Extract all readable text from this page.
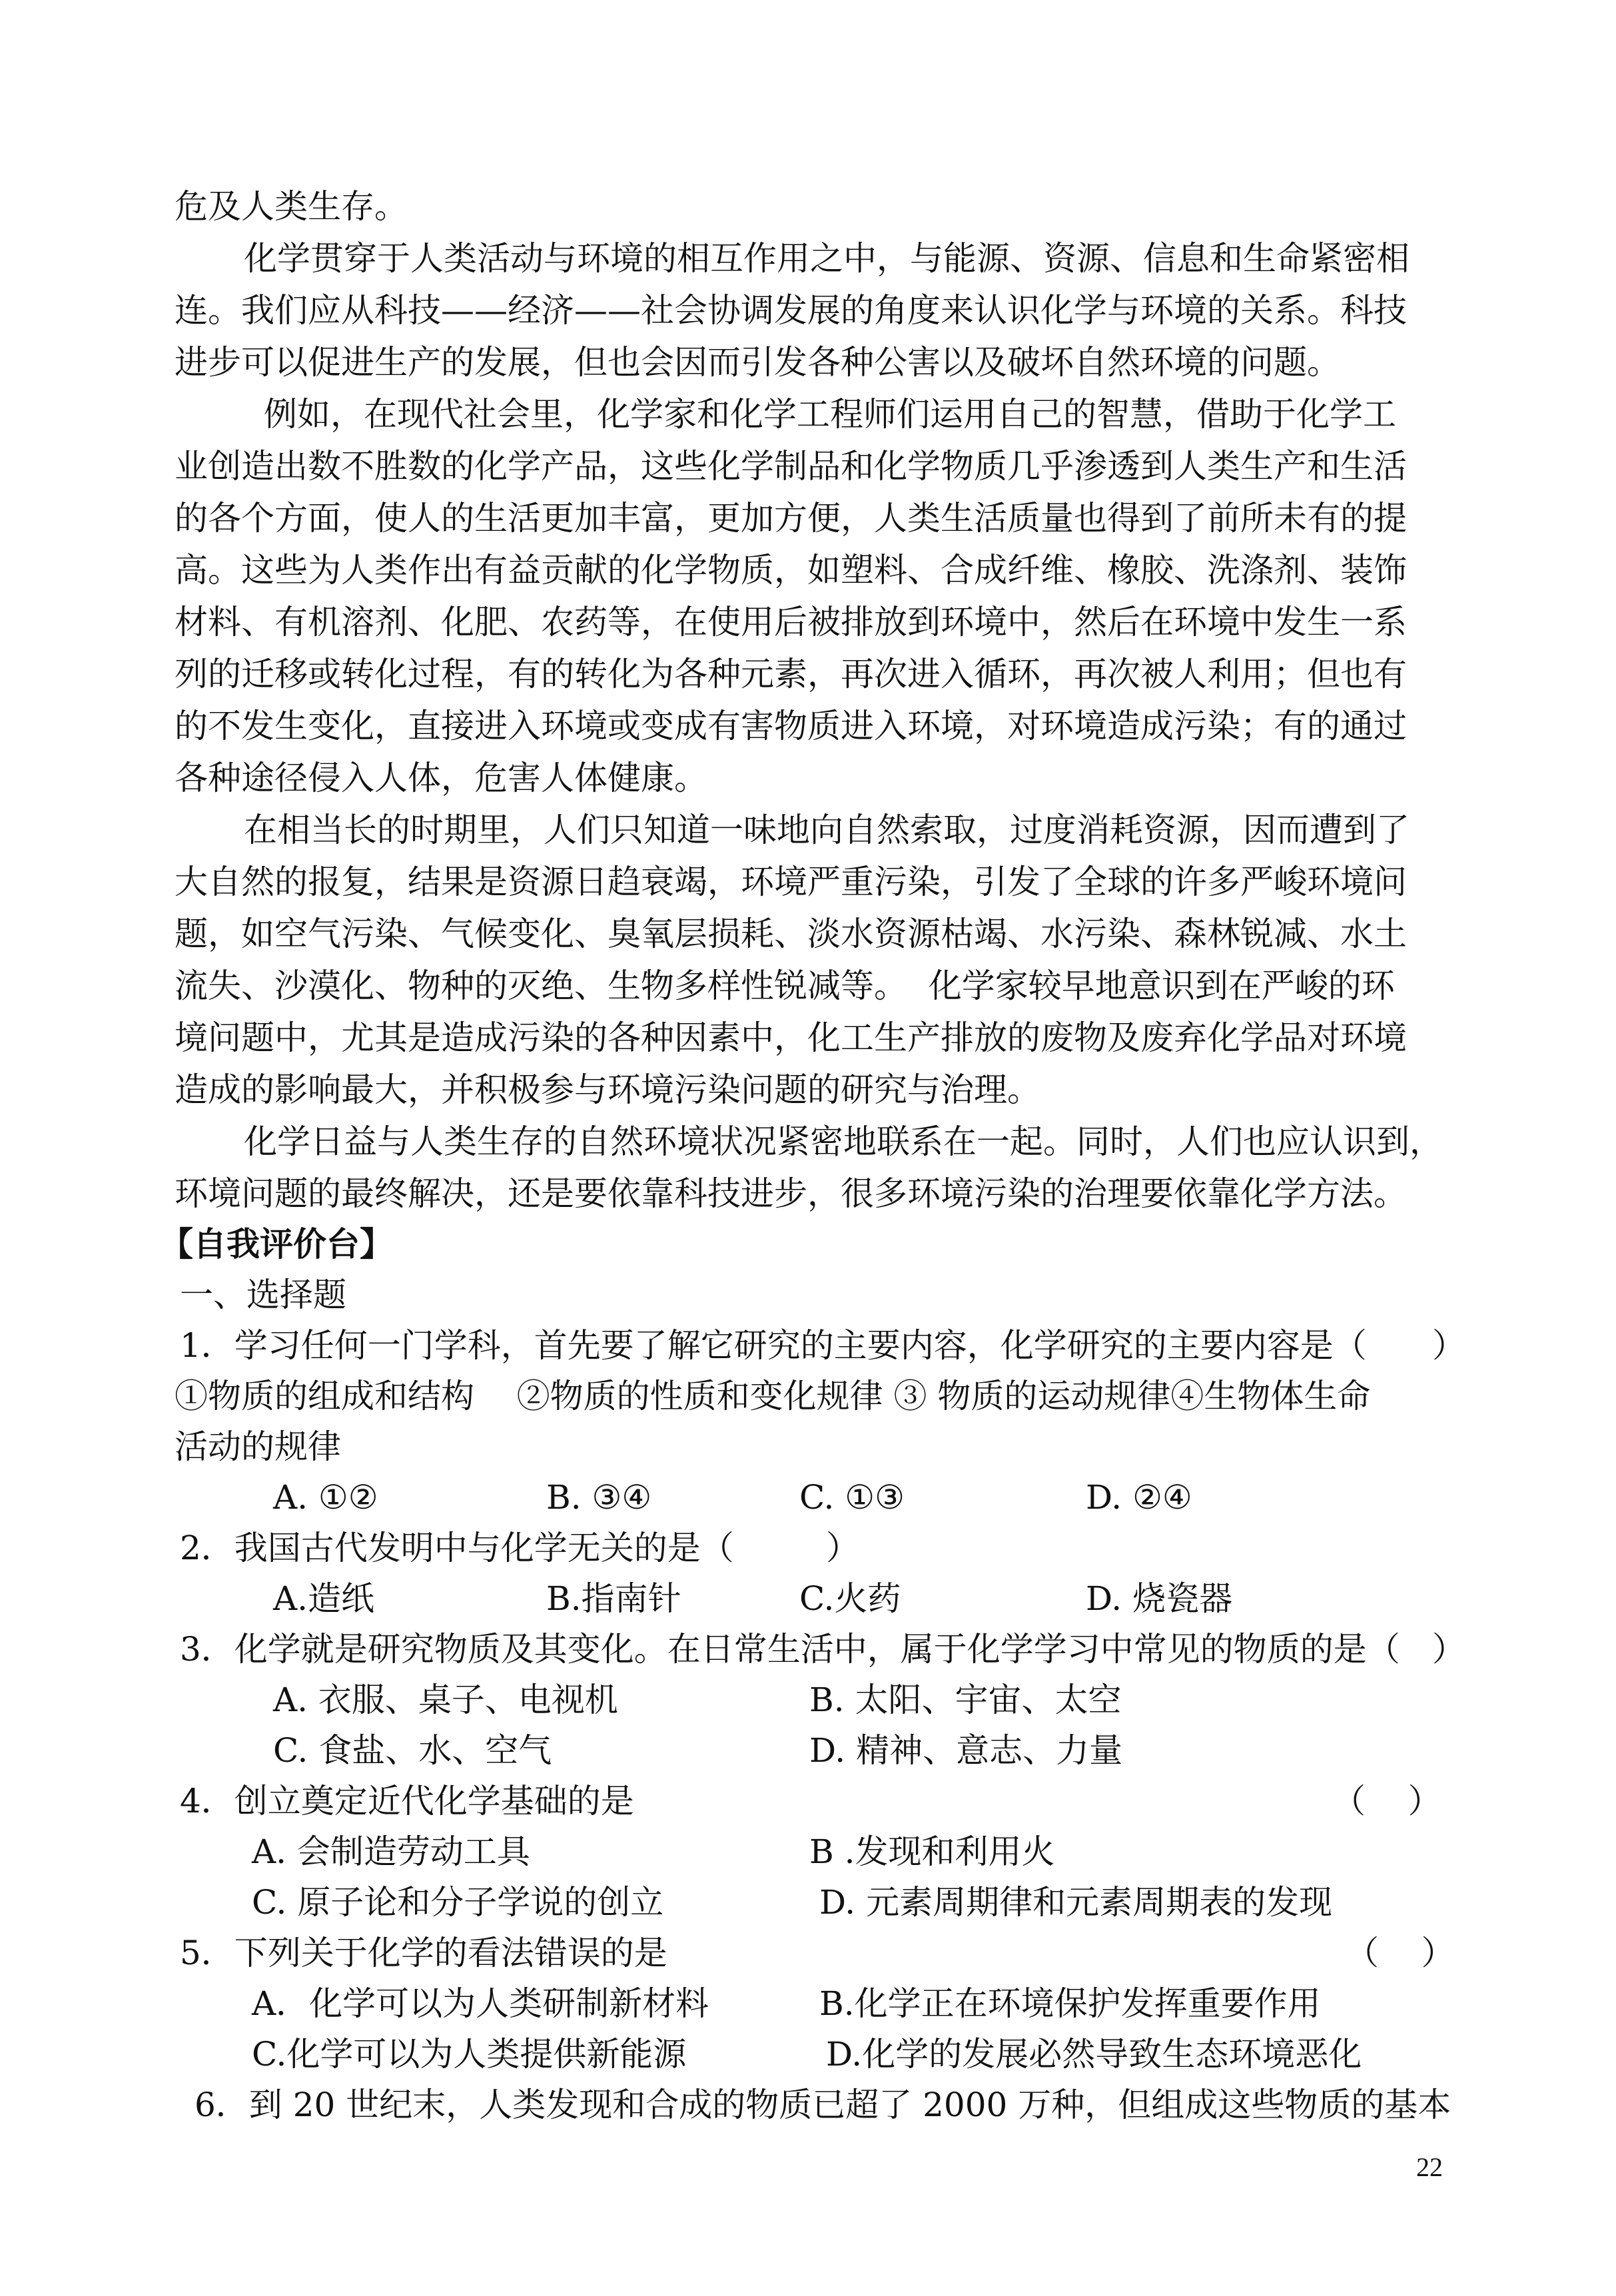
危及人类生存。
化学贯穿于人类活动与环境的相互作用之中，与能源、资源、信息和生命紧密相
连。我们应从科技——经济——社会协调发展的角度来认识化学与环境的关系。科技
进步可以促进生产的发展，但也会因而引发各种公害以及破坏自然环境的问题。
例如，在现代社会里，化学家和化学工程师们运用自己的智慧，借助于化学工
业创造出数不胜数的化学产品，这些化学制品和化学物质几乎渗透到人类生产和生活
的各个方面，使人的生活更加丰富，更加方便，人类生活质量也得到了前所未有的提
高。这些为人类作出有益贡献的化学物质，如塑料、合成纤维、橡胶、洗涤剂、装饰
材料、有机溶剂、化肥、农药等，在使用后被排放到环境中，然后在环境中发生一系
列的迁移或转化过程，有的转化为各种元素，再次进入循环，再次被人利用；但也有
的不发生变化，直接进入环境或变成有害物质进入环境，对环境造成污染；有的通过
各种途径侵入人体，危害人体健康。
在相当长的时期里，人们只知道一味地向自然索取，过度消耗资源，因而遭到了
大自然的报复，结果是资源日趋衰竭，环境严重污染，引发了全球的许多严峻环境问
题，如空气污染、气候变化、臭氧层损耗、淡水资源枯竭、水污染、森林锐减、水土
流失、沙漠化、物种的灭绝、生物多样性锐减等。  化学家较早地意识到在严峻的环
境问题中，尤其是造成污染的各种因素中，化工生产排放的废物及废弃化学品对环境
造成的影响最大，并积极参与环境污染问题的研究与治理。
化学日益与人类生存的自然环境状况紧密地联系在一起。同时，人们也应认识到，
环境问题的最终解决，还是要依靠科技进步，很多环境污染的治理要依靠化学方法。
【自我评价台】
一、选择题
1．学习任何一门学科，首先要了解它研究的主要内容，化学研究的主要内容是（ ）
①物质的组成和结构    ②物质的性质和变化规律 ③ 物质的运动规律④生物体生命
活动的规律
A. ①②	B. ③④	C. ①③	D. ②④
2．我国古代发明中与化学无关的是（	）
A.造纸	B.指南针	C.火药	D. 烧瓷器
3．化学就是研究物质及其变化。在日常生活中，属于化学学习中常见的物质的是（ ）
A. 衣服、桌子、电视机	B. 太阳、宇宙、太空
C. 食盐、水、空气	D. 精神、意志、力量
4．创立奠定近代化学基础的是	（    ）
A. 会制造劳动工具	B .发现和利用火
C. 原子论和分子学说的创立	D. 元素周期律和元素周期表的发现
5．下列关于化学的看法错误的是	（    ）
A．化学可以为人类研制新材料	B.化学正在环境保护发挥重要作用
C.化学可以为人类提供新能源	D.化学的发展必然导致生态环境恶化
6．到 20 世纪末，人类发现和合成的物质已超了 2000 万种，但组成这些物质的基本
22
